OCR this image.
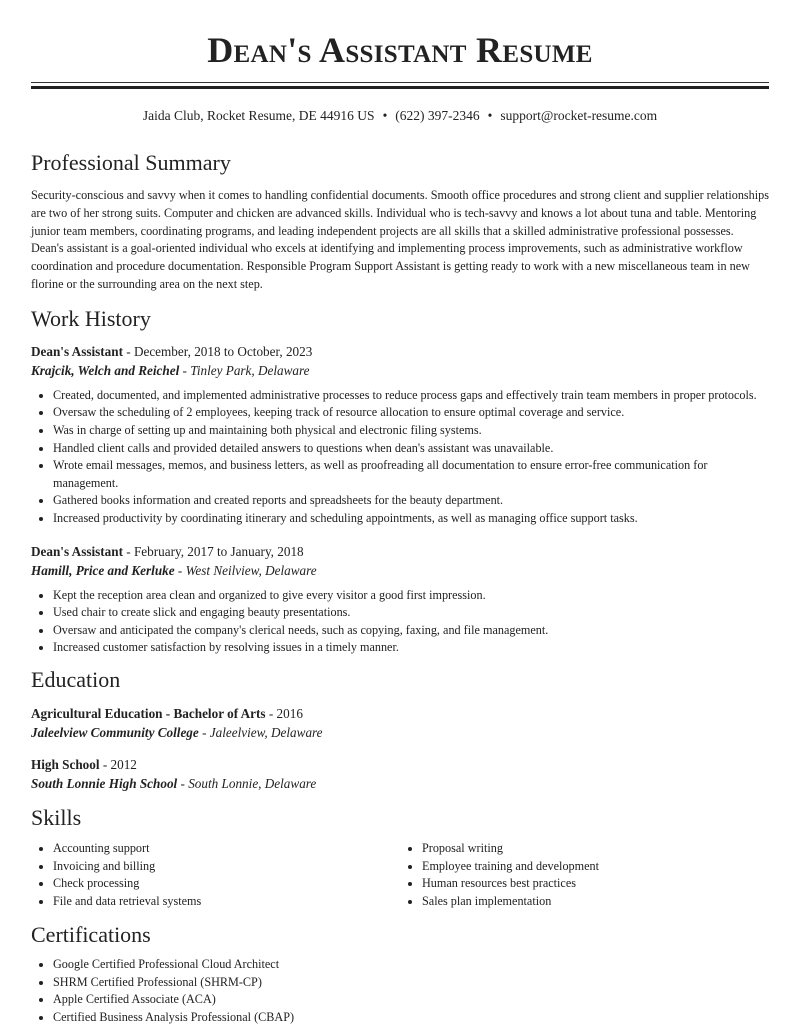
Dean's Assistant Resume
Jaida Club, Rocket Resume, DE 44916 US • (622) 397-2346 • support@rocket-resume.com
Professional Summary

Security-conscious and savvy when it comes to handling confidential documents. Smooth office procedures and strong client and supplier relationships are two of her strong suits. Computer and chicken are advanced skills. Individual who is tech-savvy and knows a lot about tuna and table. Mentoring junior team members, coordinating programs, and leading independent projects are all skills that a skilled administrative professional possesses. Dean's assistant is a goal-oriented individual who excels at identifying and implementing process improvements, such as administrative workflow coordination and procedure documentation. Responsible Program Support Assistant is getting ready to work with a new miscellaneous team in new florine or the surrounding area on the next step.

Work History
Dean's Assistant - December, 2018 to October, 2023
Krajcik, Welch and Reichel - Tinley Park, Delaware
• Created, documented, and implemented administrative processes to reduce process gaps and effectively train team members in proper protocols.
• Oversaw the scheduling of 2 employees, keeping track of resource allocation to ensure optimal coverage and service.
• Was in charge of setting up and maintaining both physical and electronic filing systems.
• Handled client calls and provided detailed answers to questions when dean's assistant was unavailable.
• Wrote email messages, memos, and business letters, as well as proofreading all documentation to ensure error-free communication for management.
• Gathered books information and created reports and spreadsheets for the beauty department.
• Increased productivity by coordinating itinerary and scheduling appointments, as well as managing office support tasks.
Dean's Assistant - February, 2017 to January, 2018
Hamill, Price and Kerluke - West Neilview, Delaware
• Kept the reception area clean and organized to give every visitor a good first impression.
• Used chair to create slick and engaging beauty presentations.
• Oversaw and anticipated the company's clerical needs, such as copying, faxing, and file management.
• Increased customer satisfaction by resolving issues in a timely manner.
Education
Agricultural Education - Bachelor of Arts - 2016
Jaleelview Community College - Jaleelview, Delaware
High School - 2012
South Lonnie High School - South Lonnie, Delaware
Skills
• Accounting support
• Invoicing and billing
• Check processing
• File and data retrieval systems
• Proposal writing
• Employee training and development
• Human resources best practices
• Sales plan implementation
Certifications
• Google Certified Professional Cloud Architect
• SHRM Certified Professional (SHRM-CP)
• Apple Certified Associate (ACA)
• Certified Business Analysis Professional (CBAP)
